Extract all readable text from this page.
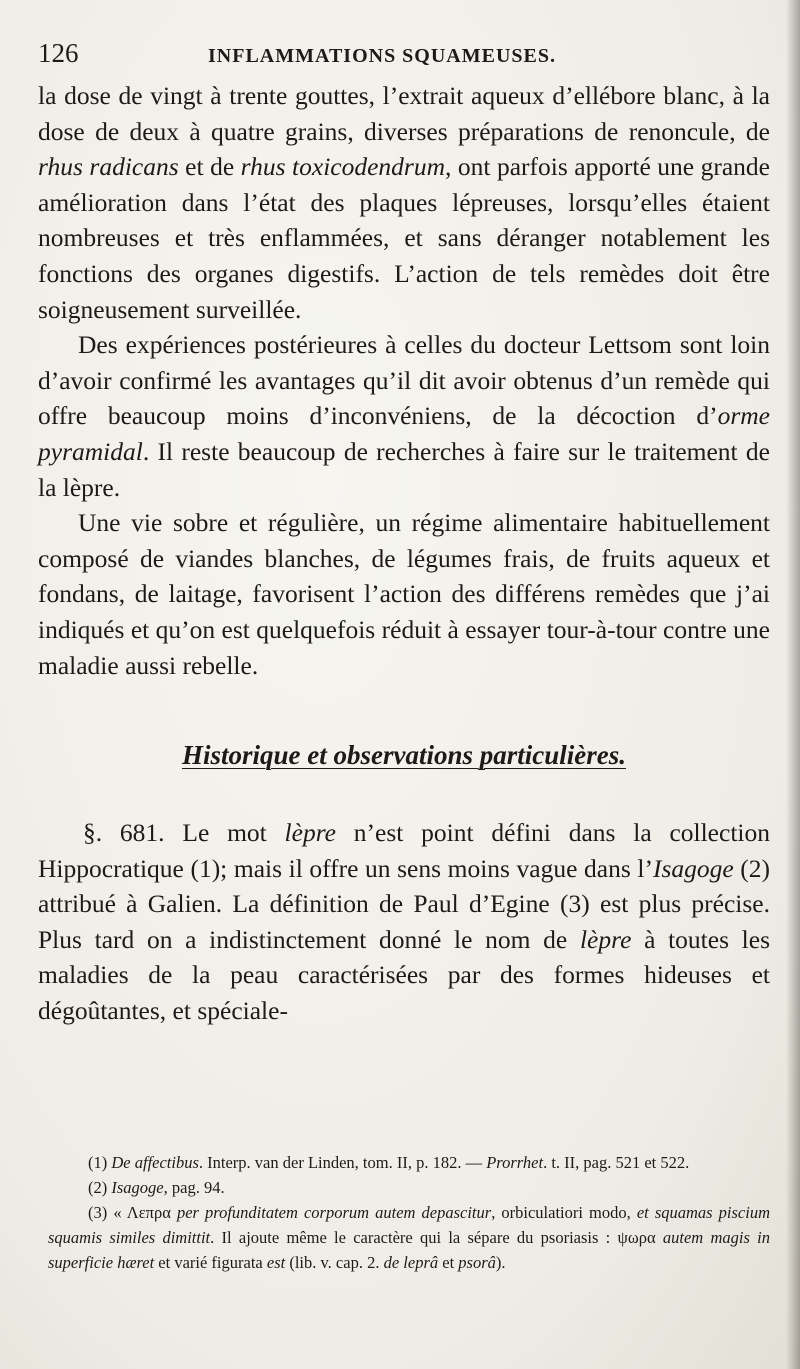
126	INFLAMMATIONS SQUAMEUSES.

la dose de vingt à trente gouttes, l’extrait aqueux d’ellébore blanc, à la dose de deux à quatre grains, diverses préparations de renoncule, de rhus radicans et de rhus toxicodendrum, ont parfois apporté une grande amélioration dans l’état des plaques lépreuses, lorsqu’elles étaient nombreuses et très enflammées, et sans déranger notablement les fonctions des organes digestifs. L’action de tels remèdes doit être soigneusement surveillée.

Des expériences postérieures à celles du docteur Lettsom sont loin d’avoir confirmé les avantages qu’il dit avoir obtenus d’un remède qui offre beaucoup moins d’inconvéniens, de la décoction d’orme pyramidal. Il reste beaucoup de recherches à faire sur le traitement de la lèpre.

Une vie sobre et régulière, un régime alimentaire habituellement composé de viandes blanches, de légumes frais, de fruits aqueux et fondans, de laitage, favorisent l’action des différens remèdes que j’ai indiqués et qu’on est quelquefois réduit à essayer tour-à-tour contre une maladie aussi rebelle.

Historique et observations particulières.

§. 681. Le mot lèpre n’est point défini dans la collection Hippocratique (1); mais il offre un sens moins vague dans l’Isagoge (2) attribué à Galien. La définition de Paul d’Egine (3) est plus précise. Plus tard on a indistinctement donné le nom de lèpre à toutes les maladies de la peau caractérisées par des formes hideuses et dégoûtantes, et spéciale-

(1) De affectibus. Interp. van der Linden, tom. II, p. 182. — Prorrhet. t. II, pag. 521 et 522.

(2) Isagoge, pag. 94.

(3) « Λεπρα per profunditatem corporum autem depascitur, orbiculatiori modo, et squamas piscium squamis similes dimittit. Il ajoute même le caractère qui la sépare du psoriasis : ψωρα autem magis in superficie hæret et varié figurata est (lib. v. cap. 2. de leprâ et psorâ).
